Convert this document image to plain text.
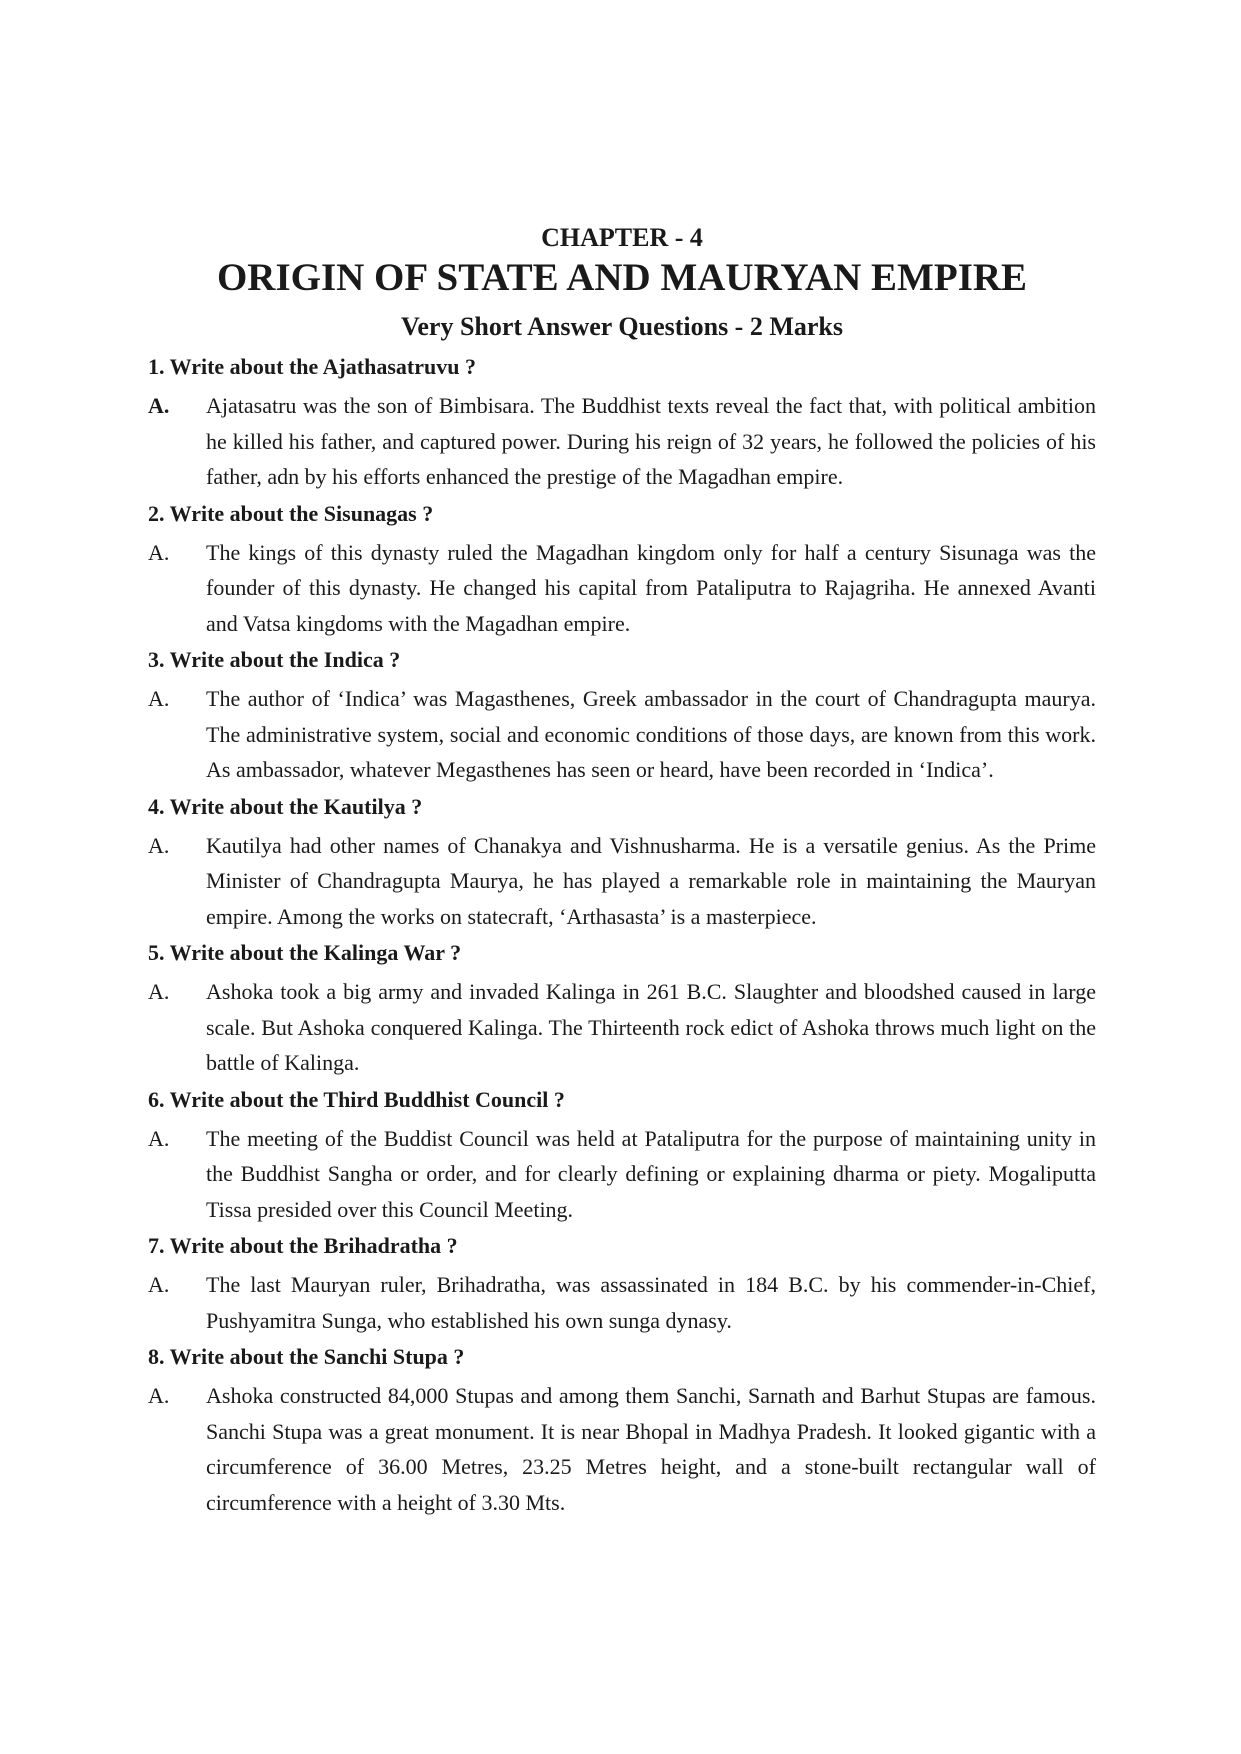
CHAPTER - 4
ORIGIN OF STATE AND MAURYAN EMPIRE
Very Short Answer Questions - 2 Marks
1. Write about the Ajathasatruvu ?
A.	Ajatasatru was the son of Bimbisara. The Buddhist texts reveal the fact that, with political ambition he killed his father, and captured power. During his reign of 32 years, he followed the policies of his father, adn by his efforts enhanced the prestige of the Magadhan empire.
2. Write about the Sisunagas ?
A.	The kings of this dynasty ruled the Magadhan kingdom only for half a century Sisunaga was the founder of this dynasty. He changed his capital from Pataliputra to Rajagriha. He annexed Avanti and Vatsa kingdoms with the Magadhan empire.
3. Write about the Indica ?
A.	The author of ‘Indica’ was Magasthenes, Greek ambassador in the court of Chandragupta maurya. The administrative system, social and economic conditions of those days, are known from this work. As ambassador, whatever Megasthenes has seen or heard, have been recorded in ‘Indica’.
4. Write about the Kautilya ?
A.	Kautilya had other names of Chanakya and Vishnusharma. He is a versatile genius. As the Prime Minister of Chandragupta Maurya, he has played a remarkable role in maintaining the Mauryan empire. Among the works on statecraft, ‘Arthasasta’ is a masterpiece.
5. Write about the Kalinga War ?
A.	Ashoka took a big army and invaded Kalinga in 261 B.C. Slaughter and bloodshed caused in large scale. But Ashoka conquered Kalinga. The Thirteenth rock edict of Ashoka throws much light on the battle of Kalinga.
6. Write about the Third Buddhist Council ?
A.	The meeting of the Buddist Council was held at Pataliputra for the purpose of maintaining unity in the Buddhist Sangha or order, and for clearly defining or explaining dharma or piety. Mogaliputta Tissa presided over this Council Meeting.
7. Write about the Brihadratha ?
A.	The last Mauryan ruler, Brihadratha, was assassinated in 184 B.C. by his commender-in-Chief, Pushyamitra Sunga, who established his own sunga dynasy.
8. Write about the Sanchi Stupa ?
A.	Ashoka constructed 84,000 Stupas and among them Sanchi, Sarnath and Barhut Stupas are famous. Sanchi Stupa was a great monument. It is near Bhopal in Madhya Pradesh. It looked gigantic with a circumference of 36.00 Metres, 23.25 Metres height, and a stone-built rectangular wall of circumference with a height of 3.30 Mts.
